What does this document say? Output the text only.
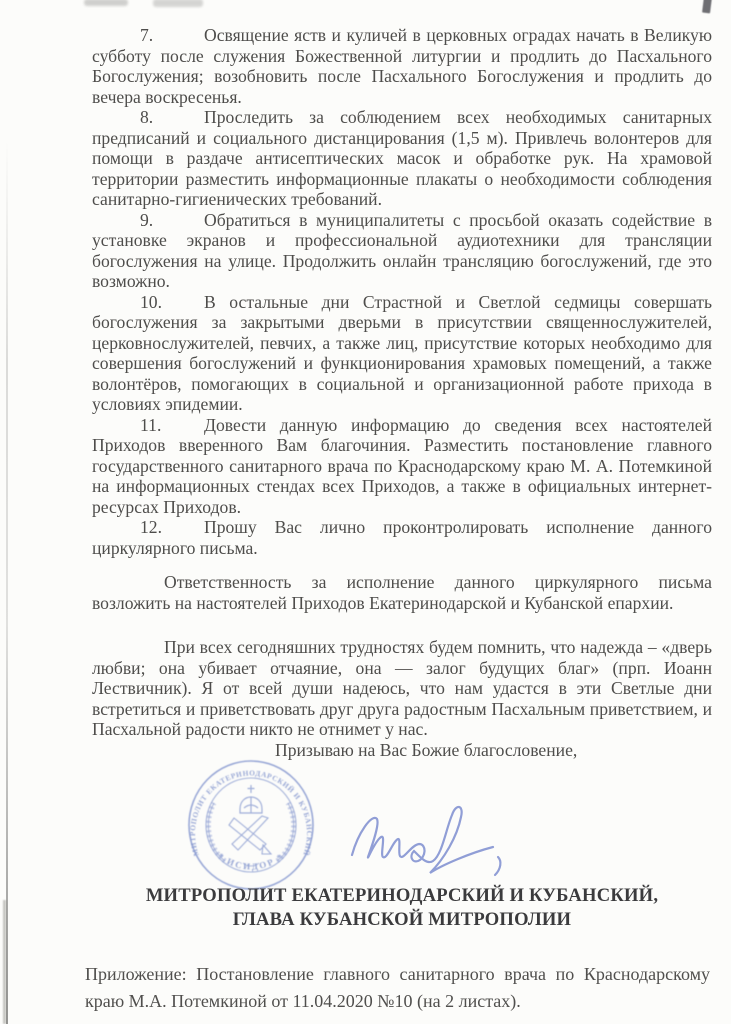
МИТРОПОЛИТ ЕКАТЕРИНОДАРСКИЙ И КУБАНСКИЙ
* ИСИДОР *

7.	Освящение яств и куличей в церковных оградах начать в Великую субботу после служения Божественной литургии и продлить до Пасхального Богослужения; возобновить после Пасхального Богослужения и продлить до вечера воскресенья.

8.	Проследить за соблюдением всех необходимых санитарных предписаний и социального дистанцирования (1,5 м). Привлечь волонтеров для помощи в раздаче антисептических масок и обработке рук. На храмовой территории разместить информационные плакаты о необходимости соблюдения санитарно-гигиенических требований.

9.	Обратиться в муниципалитеты с просьбой оказать содействие в установке экранов и профессиональной аудиотехники для трансляции богослужения на улице. Продолжить онлайн трансляцию богослужений, где это возможно.

10. В остальные дни Страстной и Светлой седмицы совершать богослужения за закрытыми дверьми в присутствии священнослужителей, церковнослужителей, певчих, а также лиц, присутствие которых необходимо для совершения богослужений и функционирования храмовых помещений, а также волонтёров, помогающих в социальной и организационной работе прихода в условиях эпидемии.

11. Довести данную информацию до сведения всех настоятелей Приходов вверенного Вам благочиния. Разместить постановление главного государственного санитарного врача по Краснодарскому краю М. А. Потемкиной на информационных стендах всех Приходов, а также в официальных интернет-ресурсах Приходов.

12. Прошу Вас лично проконтролировать исполнение данного циркулярного письма.

Ответственность за исполнение данного циркулярного письма возложить на настоятелей Приходов Екатеринодарской и Кубанской епархии.

При всех сегодняшних трудностях будем помнить, что надежда – «дверь любви; она убивает отчаяние, она — залог будущих благ» (прп. Иоанн Лествичник). Я от всей души надеюсь, что нам удастся в эти Светлые дни встретиться и приветствовать друг друга радостным Пасхальным приветствием, и Пасхальной радости никто не отнимет у нас.

Призываю на Вас Божие благословение,

МИТРОПОЛИТ ЕКАТЕРИНОДАРСКИЙ И КУБАНСКИЙ,
ГЛАВА КУБАНСКОЙ МИТРОПОЛИИ
Приложение: Постановление главного санитарного врача по Краснодарскому краю М.А. Потемкиной от 11.04.2020 №10 (на 2 листах).
